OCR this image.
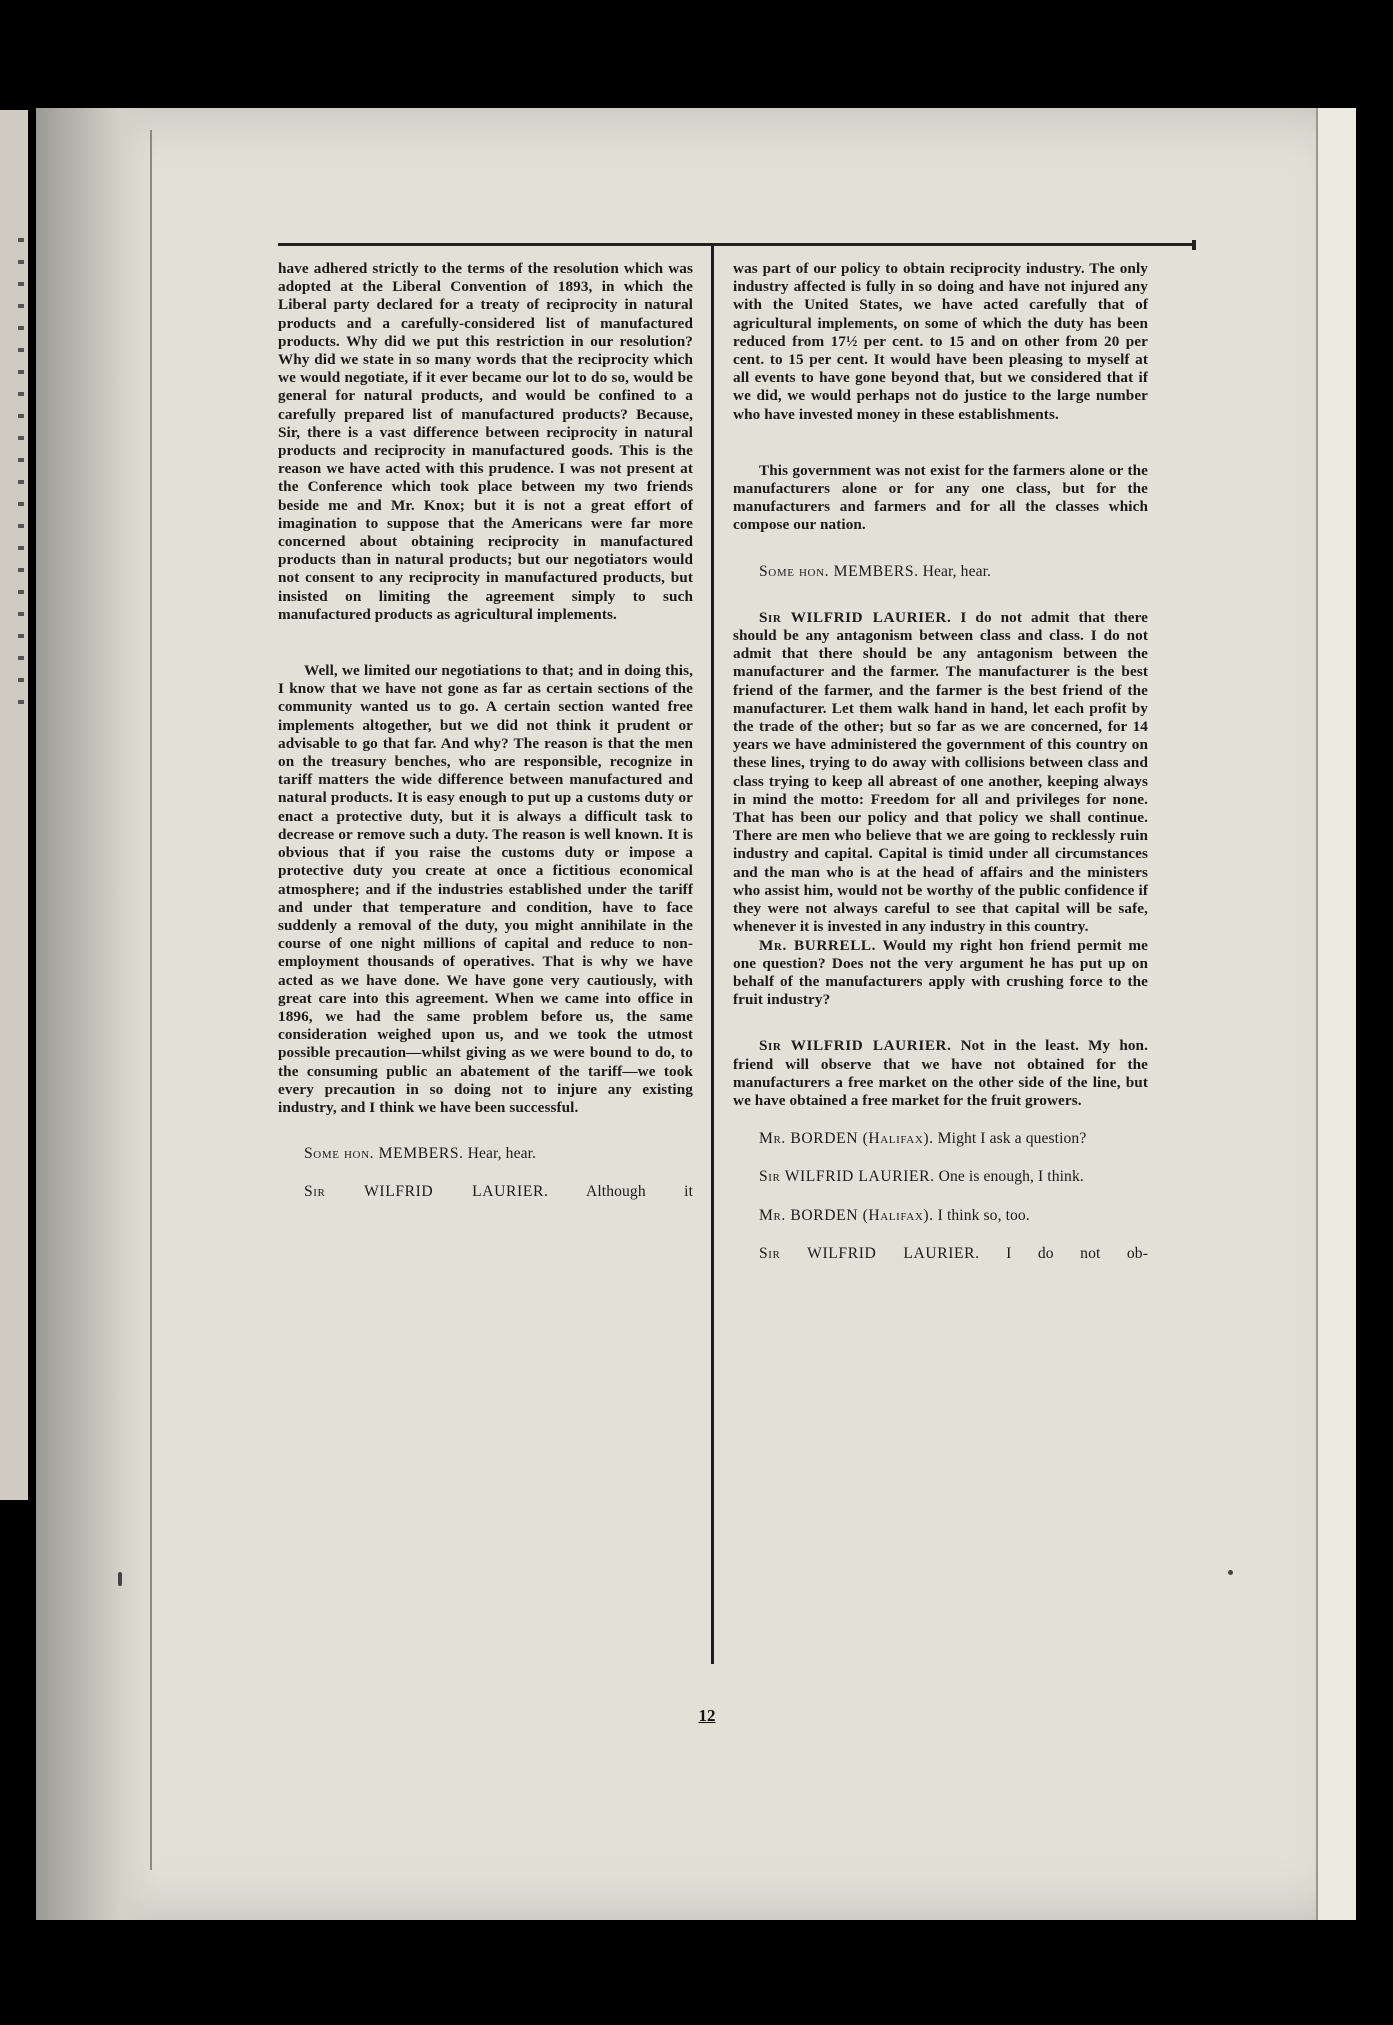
have adhered strictly to the terms of the resolution which was adopted at the Liberal Convention of 1893, in which the Liberal party declared for a treaty of reciprocity in natural products and a carefully-considered list of manufactured products. Why did we put this restriction in our resolution? Why did we state in so many words that the reciprocity which we would negotiate, if it ever became our lot to do so, would be general for natural products, and would be confined to a carefully prepared list of manufactured products? Because, Sir, there is a vast difference between reciprocity in natural products and reciprocity in manufactured goods. This is the reason we have acted with this prudence. I was not present at the Conference which took place between my two friends beside me and Mr. Knox; but it is not a great effort of imagination to suppose that the Americans were far more concerned about obtaining reciprocity in manufactured products than in natural products; but our negotiators would not consent to any reciprocity in manufactured products, but insisted on limiting the agreement simply to such manufactured products as agricultural implements.

Well, we limited our negotiations to that; and in doing this, I know that we have not gone as far as certain sections of the community wanted us to go. A certain section wanted free implements altogether, but we did not think it prudent or advisable to go that far. And why? The reason is that the men on the treasury benches, who are responsible, recognize in tariff matters the wide difference between manufactured and natural products. It is easy enough to put up a customs duty or enact a protective duty, but it is always a difficult task to decrease or remove such a duty. The reason is well known. It is obvious that if you raise the customs duty or impose a protective duty you create at once a fictitious economical atmosphere; and if the industries established under the tariff and under that temperature and condition, have to face suddenly a removal of the duty, you might annihilate in the course of one night millions of capital and reduce to non-employment thousands of operatives. That is why we have acted as we have done. We have gone very cautiously, with great care into this agreement. When we came into office in 1896, we had the same problem before us, the same consideration weighed upon us, and we took the utmost possible precaution—whilst giving as we were bound to do, to the consuming public an abatement of the tariff—we took every precaution in so doing not to injure any existing industry, and I think we have been successful.

Some hon. MEMBERS. Hear, hear.

Sir WILFRID LAURIER. Although it

was part of our policy to obtain reciprocity industry. The only industry affected is fully in so doing and have not injured any with the United States, we have acted carefully that of agricultural implements, on some of which the duty has been reduced from 17½ per cent. to 15 and on other from 20 per cent. to 15 per cent. It would have been pleasing to myself at all events to have gone beyond that, but we considered that if we did, we would perhaps not do justice to the large number who have invested money in these establishments.

This government was not exist for the farmers alone or the manufacturers alone or for any one class, but for the manufacturers and farmers and for all the classes which compose our nation.

Some hon. MEMBERS. Hear, hear.

Sir WILFRID LAURIER. I do not admit that there should be any antagonism between class and class. I do not admit that there should be any antagonism between the manufacturer and the farmer. The manufacturer is the best friend of the farmer, and the farmer is the best friend of the manufacturer. Let them walk hand in hand, let each profit by the trade of the other; but so far as we are concerned, for 14 years we have administered the government of this country on these lines, trying to do away with collisions between class and class trying to keep all abreast of one another, keeping always in mind the motto: Freedom for all and privileges for none. That has been our policy and that policy we shall continue. There are men who believe that we are going to recklessly ruin industry and capital. Capital is timid under all circumstances and the man who is at the head of affairs and the ministers who assist him, would not be worthy of the public confidence if they were not always careful to see that capital will be safe, whenever it is invested in any industry in this country.

Mr. BURRELL. Would my right hon friend permit me one question? Does not the very argument he has put up on behalf of the manufacturers apply with crushing force to the fruit industry?

Sir WILFRID LAURIER. Not in the least. My hon. friend will observe that we have not obtained for the manufacturers a free market on the other side of the line, but we have obtained a free market for the fruit growers.

Mr. BORDEN (Halifax). Might I ask a question?

Sir WILFRID LAURIER. One is enough, I think.

Mr. BORDEN (Halifax). I think so, too.

Sir WILFRID LAURIER. I do not ob-

12
